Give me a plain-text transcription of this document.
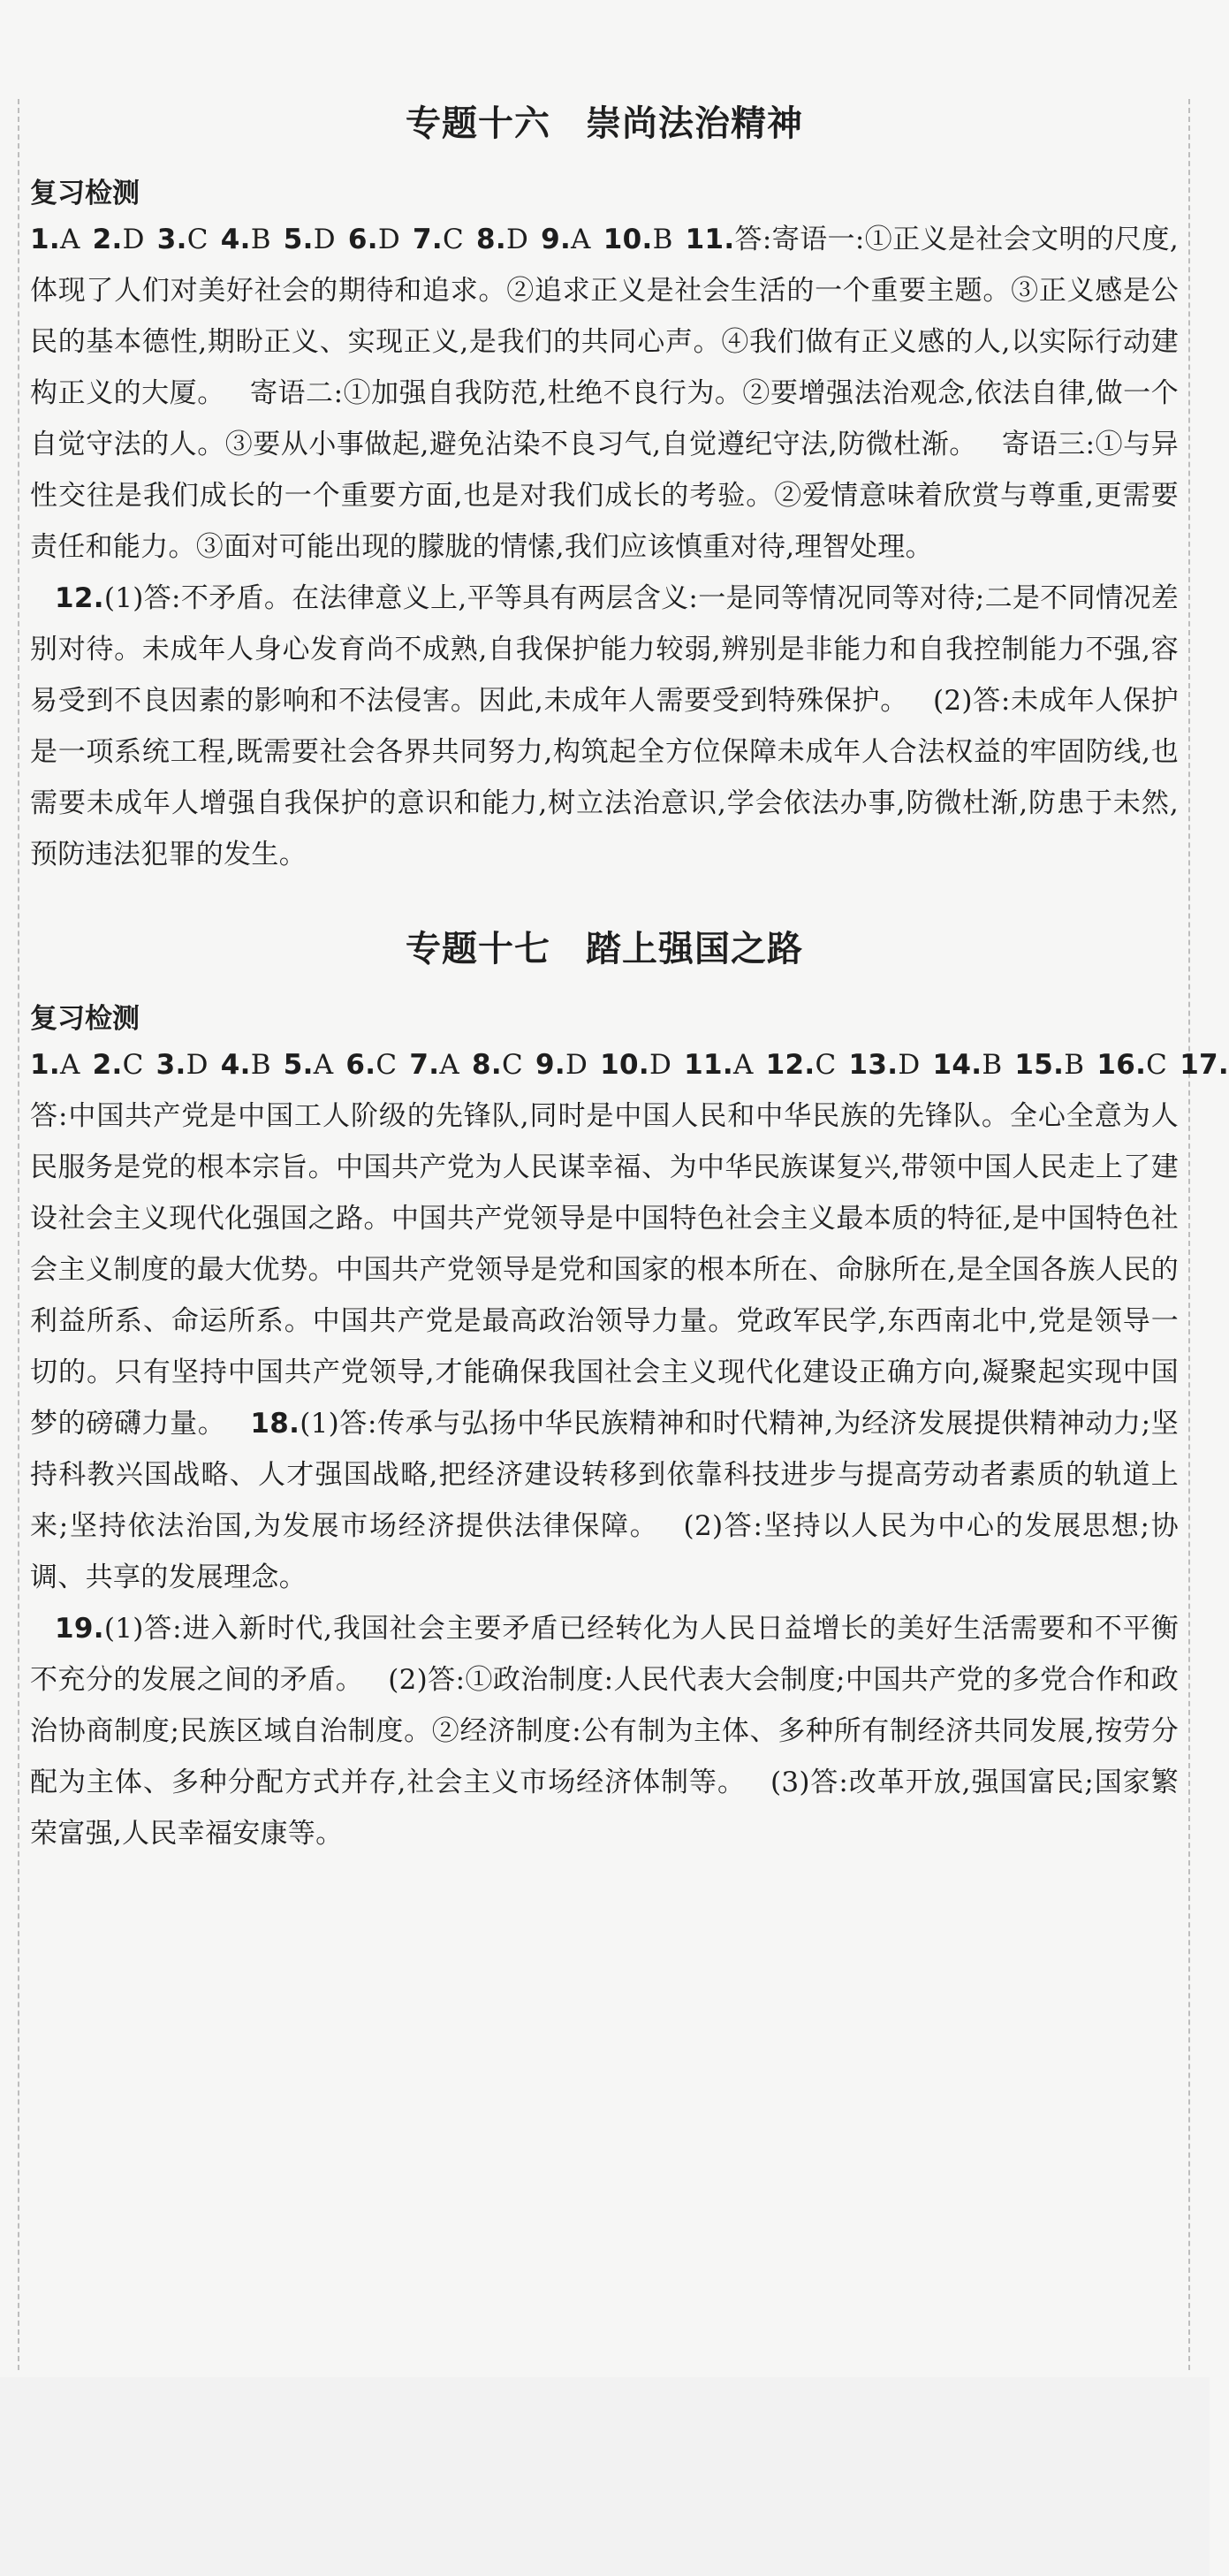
专题十六 崇尚法治精神
复习检测

1.A 2.D 3.C 4.B 5.D 6.D 7.C 8.D 9.A 10.B 11.答:寄语一:①正义是社会文明的尺度,体现了人们对美好社会的期待和追求。②追求正义是社会生活的一个重要主题。③正义感是公民的基本德性,期盼正义、实现正义,是我们的共同心声。④我们做有正义感的人,以实际行动建构正义的大厦。 寄语二:①加强自我防范,杜绝不良行为。②要增强法治观念,依法自律,做一个自觉守法的人。③要从小事做起,避免沾染不良习气,自觉遵纪守法,防微杜渐。 寄语三:①与异性交往是我们成长的一个重要方面,也是对我们成长的考验。②爱情意味着欣赏与尊重,更需要责任和能力。③面对可能出现的朦胧的情愫,我们应该慎重对待,理智处理。

12.(1)答:不矛盾。在法律意义上,平等具有两层含义:一是同等情况同等对待;二是不同情况差别对待。未成年人身心发育尚不成熟,自我保护能力较弱,辨别是非能力和自我控制能力不强,容易受到不良因素的影响和不法侵害。因此,未成年人需要受到特殊保护。 (2)答:未成年人保护是一项系统工程,既需要社会各界共同努力,构筑起全方位保障未成年人合法权益的牢固防线,也需要未成年人增强自我保护的意识和能力,树立法治意识,学会依法办事,防微杜渐,防患于未然,预防违法犯罪的发生。

专题十七 踏上强国之路
复习检测

1.A 2.C 3.D 4.B 5.A 6.C 7.A 8.C 9.D 10.D 11.A 12.C 13.D 14.B 15.B 16.C 17.答:中国共产党是中国工人阶级的先锋队,同时是中国人民和中华民族的先锋队。全心全意为人民服务是党的根本宗旨。中国共产党为人民谋幸福、为中华民族谋复兴,带领中国人民走上了建设社会主义现代化强国之路。中国共产党领导是中国特色社会主义最本质的特征,是中国特色社会主义制度的最大优势。中国共产党领导是党和国家的根本所在、命脉所在,是全国各族人民的利益所系、命运所系。中国共产党是最高政治领导力量。党政军民学,东西南北中,党是领导一切的。只有坚持中国共产党领导,才能确保我国社会主义现代化建设正确方向,凝聚起实现中国梦的磅礴力量。 18.(1)答:传承与弘扬中华民族精神和时代精神,为经济发展提供精神动力;坚持科教兴国战略、人才强国战略,把经济建设转移到依靠科技进步与提高劳动者素质的轨道上来;坚持依法治国,为发展市场经济提供法律保障。 (2)答:坚持以人民为中心的发展思想;协调、共享的发展理念。

19.(1)答:进入新时代,我国社会主要矛盾已经转化为人民日益增长的美好生活需要和不平衡不充分的发展之间的矛盾。 (2)答:①政治制度:人民代表大会制度;中国共产党的多党合作和政治协商制度;民族区域自治制度。②经济制度:公有制为主体、多种所有制经济共同发展,按劳分配为主体、多种分配方式并存,社会主义市场经济体制等。 (3)答:改革开放,强国富民;国家繁荣富强,人民幸福安康等。
